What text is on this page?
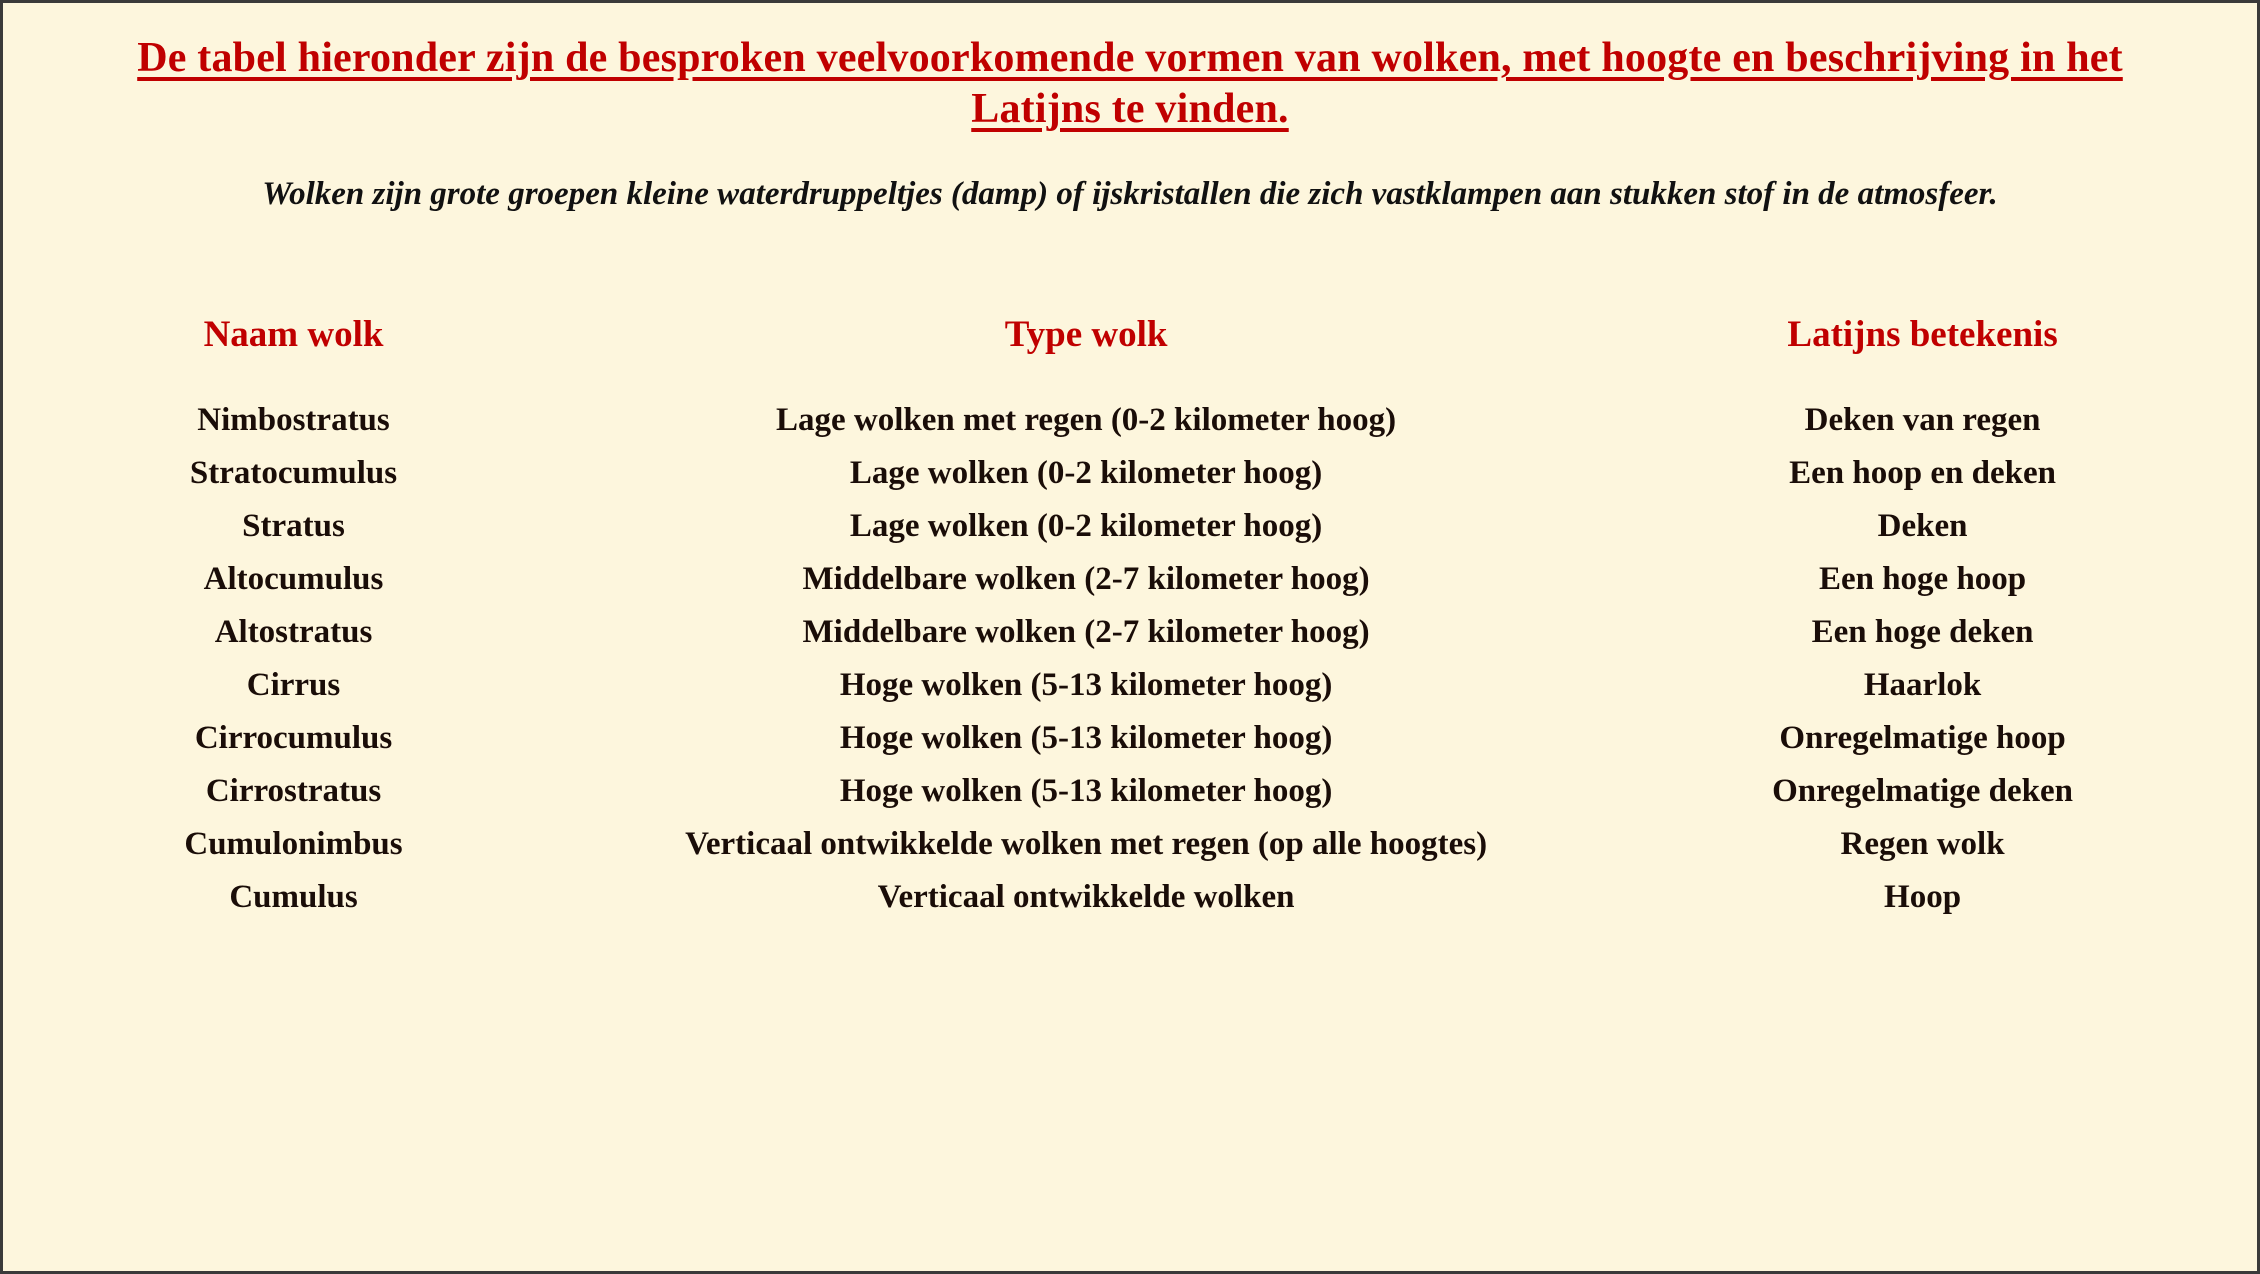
De tabel hieronder zijn de besproken veelvoorkomende vormen van wolken, met hoogte en beschrijving in het Latijns te vinden.

Wolken zijn grote groepen kleine waterdruppeltjes (damp) of ijskristallen die zich vastklampen aan stukken stof in de atmosfeer.

Naam wolk	Type wolk	Latijns betekenis
Nimbostratus	Lage wolken met regen (0-2 kilometer hoog)	Deken van regen
Stratocumulus	Lage wolken (0-2 kilometer hoog)	Een hoop en deken
Stratus	Lage wolken (0-2 kilometer hoog)	Deken
Altocumulus	Middelbare wolken (2-7 kilometer hoog)	Een hoge hoop
Altostratus	Middelbare wolken (2-7 kilometer hoog)	Een hoge deken
Cirrus	Hoge wolken (5-13 kilometer hoog)	Haarlok
Cirrocumulus	Hoge wolken (5-13 kilometer hoog)	Onregelmatige hoop
Cirrostratus	Hoge wolken (5-13 kilometer hoog)	Onregelmatige deken
Cumulonimbus	Verticaal ontwikkelde wolken met regen (op alle hoogtes)	Regen wolk
Cumulus	Verticaal ontwikkelde wolken	Hoop
